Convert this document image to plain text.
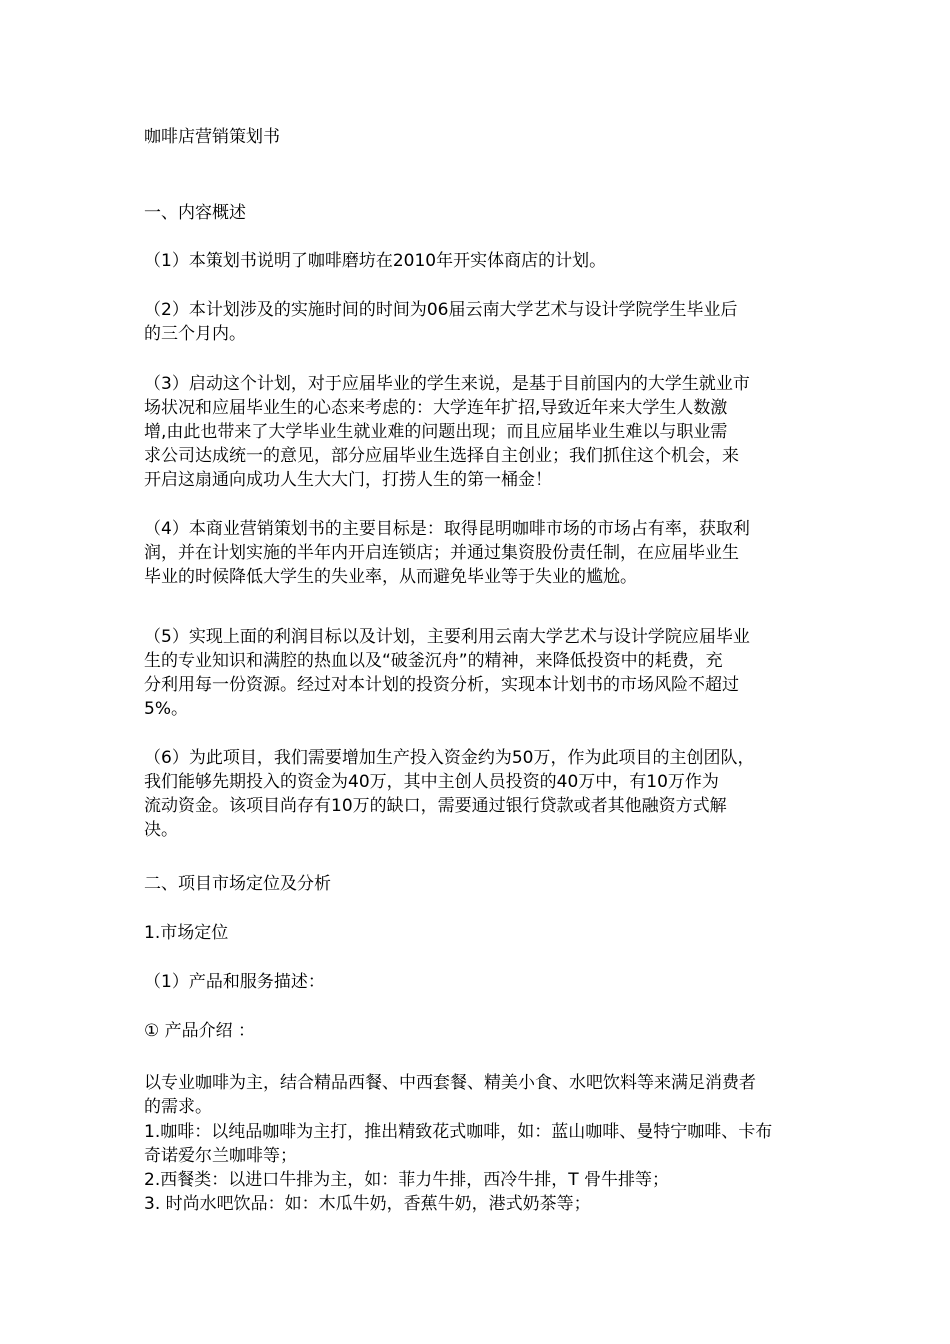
咖啡店营销策划书

一、内容概述

（1）本策划书说明了咖啡磨坊在2010年开实体商店的计划。

（2）本计划涉及的实施时间的时间为06届云南大学艺术与设计学院学生毕业后
的三个月内。

（3）启动这个计划，对于应届毕业的学生来说，是基于目前国内的大学生就业市
场状况和应届毕业生的心态来考虑的：大学连年扩招,导致近年来大学生人数激
增,由此也带来了大学毕业生就业难的问题出现；而且应届毕业生难以与职业需
求公司达成统一的意见，部分应届毕业生选择自主创业；我们抓住这个机会，来
开启这扇通向成功人生大大门，打捞人生的第一桶金！

（4）本商业营销策划书的主要目标是：取得昆明咖啡市场的市场占有率，获取利
润，并在计划实施的半年内开启连锁店；并通过集资股份责任制，在应届毕业生
毕业的时候降低大学生的失业率，从而避免毕业等于失业的尴尬。

（5）实现上面的利润目标以及计划，主要利用云南大学艺术与设计学院应届毕业
生的专业知识和满腔的热血以及“破釜沉舟”的精神，来降低投资中的耗费，充
分利用每一份资源。经过对本计划的投资分析，实现本计划书的市场风险不超过
5%。

（6）为此项目，我们需要增加生产投入资金约为50万，作为此项目的主创团队，
我们能够先期投入的资金为40万，其中主创人员投资的40万中，有10万作为
流动资金。该项目尚存有10万的缺口，需要通过银行贷款或者其他融资方式解
决。

二、项目市场定位及分析

1.市场定位

（1）产品和服务描述：

① 产品介绍 ：

以专业咖啡为主，结合精品西餐、中西套餐、精美小食、水吧饮料等来满足消费者
的需求。

1.咖啡：以纯品咖啡为主打，推出精致花式咖啡，如：蓝山咖啡、曼特宁咖啡、卡布
奇诺爱尔兰咖啡等；

2.西餐类：以进口牛排为主，如：菲力牛排，西冷牛排，T 骨牛排等；

3. 时尚水吧饮品：如：木瓜牛奶，香蕉牛奶，港式奶茶等；
